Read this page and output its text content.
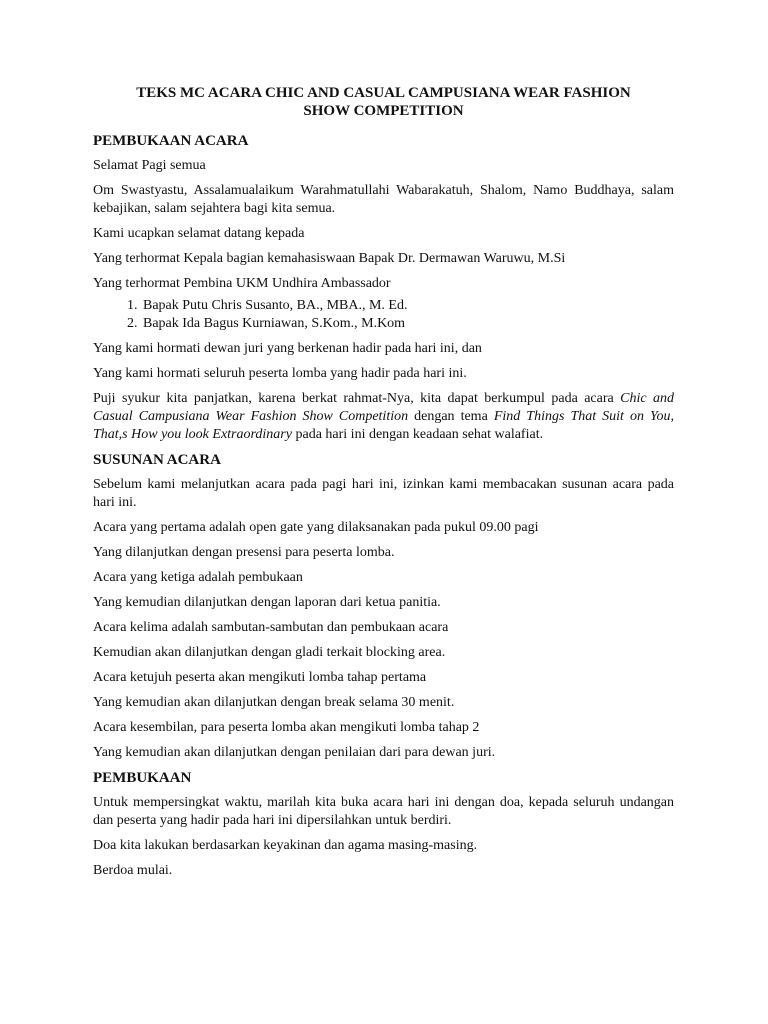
TEKS MC ACARA CHIC AND CASUAL CAMPUSIANA WEAR FASHION
SHOW COMPETITION
PEMBUKAAN ACARA

Selamat Pagi semua

Om Swastyastu, Assalamualaikum Warahmatullahi Wabarakatuh, Shalom, Namo Buddhaya, salam kebajikan, salam sejahtera bagi kita semua.

Kami ucapkan selamat datang kepada

Yang terhormat Kepala bagian kemahasiswaan Bapak Dr. Dermawan Waruwu, M.Si

Yang terhormat Pembina UKM Undhira Ambassador

1. Bapak Putu Chris Susanto, BA., MBA., M. Ed.
2. Bapak Ida Bagus Kurniawan, S.Kom., M.Kom

Yang kami hormati dewan juri yang berkenan hadir pada hari ini, dan

Yang kami hormati seluruh peserta lomba yang hadir pada hari ini.

Puji syukur kita panjatkan, karena berkat rahmat-Nya, kita dapat berkumpul pada acara Chic and Casual Campusiana Wear Fashion Show Competition dengan tema Find Things That Suit on You, That,s How you look Extraordinary pada hari ini dengan keadaan sehat walafiat.

SUSUNAN ACARA

Sebelum kami melanjutkan acara pada pagi hari ini, izinkan kami membacakan susunan acara pada hari ini.

Acara yang pertama adalah open gate yang dilaksanakan pada pukul 09.00 pagi

Yang dilanjutkan dengan presensi para peserta lomba.

Acara yang ketiga adalah pembukaan

Yang kemudian dilanjutkan dengan laporan dari ketua panitia.

Acara kelima adalah sambutan-sambutan dan pembukaan acara

Kemudian akan dilanjutkan dengan gladi terkait blocking area.

Acara ketujuh peserta akan mengikuti lomba tahap pertama

Yang kemudian akan dilanjutkan dengan break selama 30 menit.

Acara kesembilan, para peserta lomba akan mengikuti lomba tahap 2

Yang kemudian akan dilanjutkan dengan penilaian dari para dewan juri.

PEMBUKAAN

Untuk mempersingkat waktu, marilah kita buka acara hari ini dengan doa, kepada seluruh undangan dan peserta yang hadir pada hari ini dipersilahkan untuk berdiri.

Doa kita lakukan berdasarkan keyakinan dan agama masing-masing.

Berdoa mulai.
